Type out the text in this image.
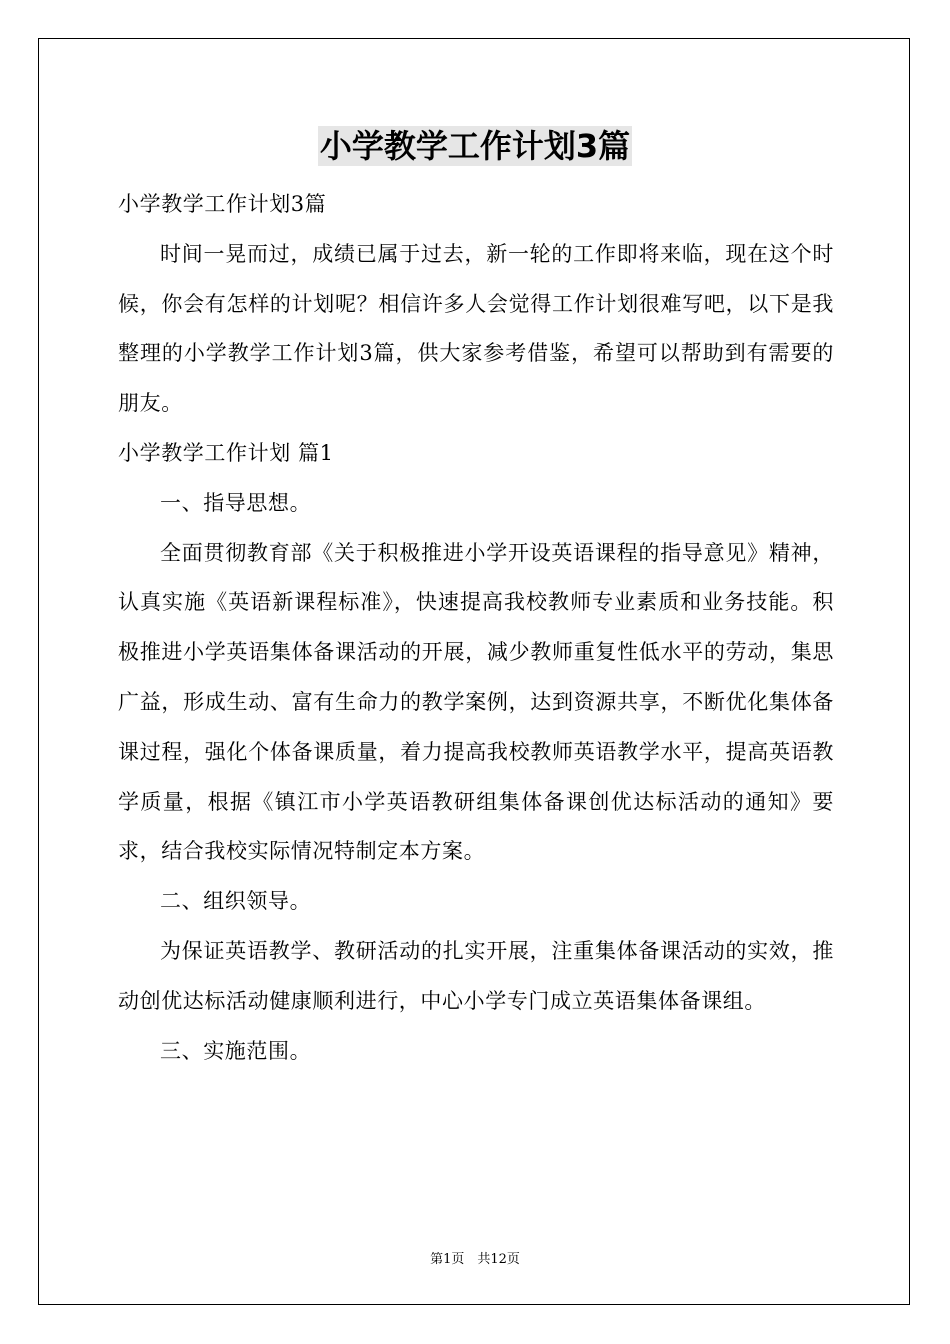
小学教学工作计划3篇

小学教学工作计划3篇

时间一晃而过，成绩已属于过去，新一轮的工作即将来临，现在这个时候，你会有怎样的计划呢？相信许多人会觉得工作计划很难写吧，以下是我整理的小学教学工作计划3篇，供大家参考借鉴，希望可以帮助到有需要的朋友。

小学教学工作计划 篇1

一、指导思想。

全面贯彻教育部《关于积极推进小学开设英语课程的指导意见》精神，认真实施《英语新课程标准》，快速提高我校教师专业素质和业务技能。积极推进小学英语集体备课活动的开展，减少教师重复性低水平的劳动，集思广益，形成生动、富有生命力的教学案例，达到资源共享，不断优化集体备课过程，强化个体备课质量，着力提高我校教师英语教学水平，提高英语教学质量，根据《镇江市小学英语教研组集体备课创优达标活动的通知》要求，结合我校实际情况特制定本方案。

二、组织领导。

为保证英语教学、教研活动的扎实开展，注重集体备课活动的实效，推动创优达标活动健康顺利进行，中心小学专门成立英语集体备课组。

三、实施范围。

第1页　共12页
